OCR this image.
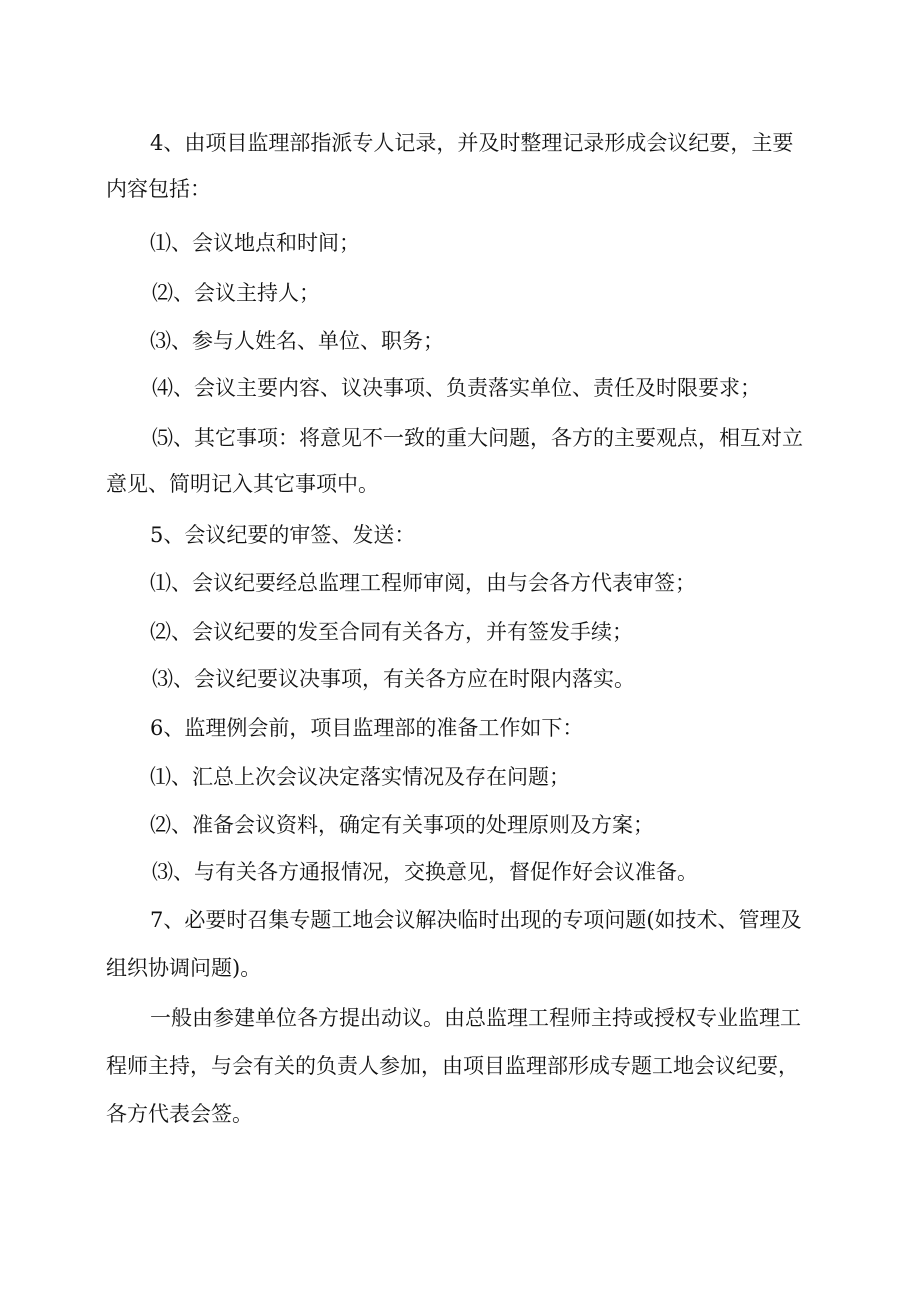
4、由项目监理部指派专人记录，并及时整理记录形成会议纪要，主要
内容包括：
⑴、会议地点和时间；
⑵、会议主持人；
⑶、参与人姓名、单位、职务；
⑷、会议主要内容、议决事项、负责落实单位、责任及时限要求；
⑸、其它事项：将意见不一致的重大问题，各方的主要观点，相互对立
意见、简明记入其它事项中。
5、会议纪要的审签、发送：
⑴、会议纪要经总监理工程师审阅，由与会各方代表审签；
⑵、会议纪要的发至合同有关各方，并有签发手续；
⑶、会议纪要议决事项，有关各方应在时限内落实。
6、监理例会前，项目监理部的准备工作如下：
⑴、汇总上次会议决定落实情况及存在问题；
⑵、准备会议资料，确定有关事项的处理原则及方案；
⑶、与有关各方通报情况，交换意见，督促作好会议准备。
7、必要时召集专题工地会议解决临时出现的专项问题(如技术、管理及
组织协调问题)。
一般由参建单位各方提出动议。由总监理工程师主持或授权专业监理工
程师主持，与会有关的负责人参加，由项目监理部形成专题工地会议纪要，
各方代表会签。
